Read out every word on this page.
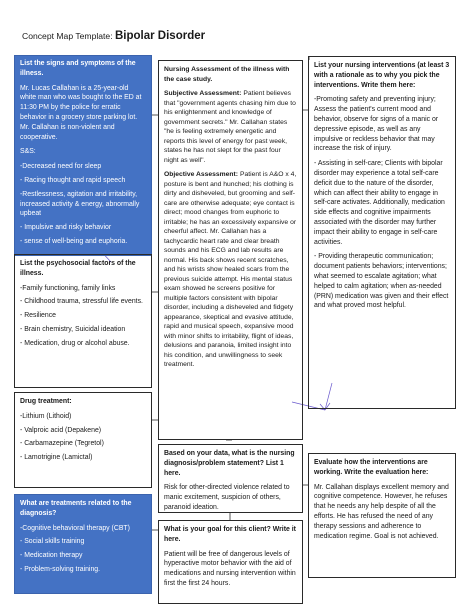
Concept Map Template: Bipolar Disorder

List the signs and symptoms of the illness.

Mr. Lucas Callahan is a 25-year-old white man who was bought to the ED at 11:30 PM by the police for erratic behavior in a grocery store parking lot. Mr. Callahan is non-violent and cooperative.

S&S:

-Decreased need for sleep
- Racing thought and rapid speech
-Restlessness, agitation and irritability, increased activity & energy, abnormally upbeat
- Impulsive and risky behavior
- sense of well-being and euphoria.

List the psychosocial factors of the illness.

-Family functioning, family links
- Childhood trauma, stressful life events.
- Resilience
- Brain chemistry, Suicidal ideation
- Medication, drug or alcohol abuse.

Drug treatment:

-Lithium (Lithoid)
- Valproic acid (Depakene)
- Carbamazepine (Tegretol)
- Lamotrigine (Lamictal)

What are treatments related to the diagnosis?

-Cognitive behavioral therapy (CBT)
- Social skills training
- Medication therapy
- Problem-solving training.

Nursing Assessment of the illness with the case study.

Subjective Assessment: Patient believes that "government agents chasing him due to his enlightenment and knowledge of government secrets." Mr. Callahan states "he is feeling extremely energetic and reports this level of energy for past week, states he has not slept for the past four night as well".

Objective Assessment: Patient is A&O x 4, posture is bent and hunched; his clothing is dirty and disheveled, but grooming and self-care are otherwise adequate; eye contact is direct; mood changes from euphoric to irritable; he has an excessively expansive or cheerful affect. Mr. Callahan has a tachycardic heart rate and clear breath sounds and his ECG and lab results are normal. His back shows recent scratches, and his wrists show healed scars from the previous suicide attempt. His mental status exam showed he screens positive for multiple factors consistent with bipolar disorder, including a disheveled and fidgety appearance, skeptical and evasive attitude, rapid and musical speech, expansive mood with minor shifts to irritability, flight of ideas, delusions and paranoia, limited insight into his condition, and unwillingness to seek treatment.

Based on your data, what is the nursing diagnosis/problem statement? List 1 here.

Risk for other-directed violence related to manic excitement, suspicion of others, paranoid ideation.

What is your goal for this client? Write it here.

Patient will be free of dangerous levels of hyperactive motor behavior with the aid of medications and nursing intervention within first the first 24 hours.

List your nursing interventions (at least 3 with a rationale as to why you pick the interventions. Write them here:

-Promoting safety and preventing injury; Assess the patient's current mood and behavior, observe for signs of a manic or depressive episode, as well as any impulsive or reckless behavior that may increase the risk of injury.

- Assisting in self-care; Clients with bipolar disorder may experience a total self-care deficit due to the nature of the disorder, which can affect their ability to engage in self-care activates. Additionally, medication side effects and cognitive impairments associated with the disorder may further impact their ability to engage in self-care activities.

- Providing therapeutic communication; document patients behaviors; interventions; what seemed to escalate agitation; what helped to calm agitation; when as-needed (PRN) medication was given and their effect and what proved most helpful.

Evaluate how the interventions are working. Write the evaluation here:

Mr. Callahan displays excellent memory and cognitive competence. However, he refuses that he needs any help despite of all the efforts. He has refused the need of any therapy sessions and adherence to medication regime. Goal is not achieved.
